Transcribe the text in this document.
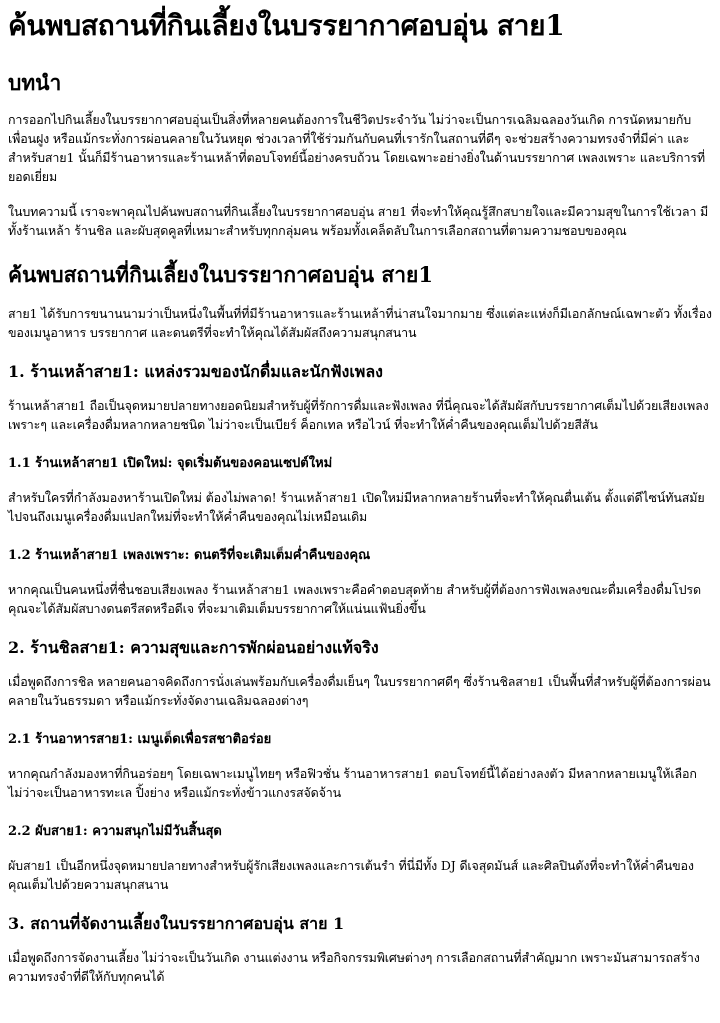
ค้นพบสถานที่กินเลี้ยงในบรรยากาศอบอุ่น สาย1
บทนำ

การออกไปกินเลี้ยงในบรรยากาศอบอุ่นเป็นสิ่งที่หลายคนต้องการในชีวิตประจำวัน ไม่ว่าจะเป็นการเฉลิมฉลองวันเกิด การนัดหมายกับเพื่อนฝูง หรือแม้กระทั่งการผ่อนคลายในวันหยุด ช่วงเวลาที่ใช้ร่วมกันกับคนที่เรารักในสถานที่ดีๆ จะช่วยสร้างความทรงจำที่มีค่า และสำหรับสาย1 นั้นก็มีร้านอาหารและร้านเหล้าที่ตอบโจทย์นี้อย่างครบถ้วน โดยเฉพาะอย่างยิ่งในด้านบรรยากาศ เพลงเพราะ และบริการที่ยอดเยี่ยม

ในบทความนี้ เราจะพาคุณไปค้นพบสถานที่กินเลี้ยงในบรรยากาศอบอุ่น สาย1 ที่จะทำให้คุณรู้สึกสบายใจและมีความสุขในการใช้เวลา มีทั้งร้านเหล้า ร้านชิล และผับสุดคูลที่เหมาะสำหรับทุกกลุ่มคน พร้อมทั้งเคล็ดลับในการเลือกสถานที่ตามความชอบของคุณ

ค้นพบสถานที่กินเลี้ยงในบรรยากาศอบอุ่น สาย1

สาย1 ได้รับการขนานนามว่าเป็นหนึ่งในพื้นที่ที่มีร้านอาหารและร้านเหล้าที่น่าสนใจมากมาย ซึ่งแต่ละแห่งก็มีเอกลักษณ์เฉพาะตัว ทั้งเรื่องของเมนูอาหาร บรรยากาศ และดนตรีที่จะทำให้คุณได้สัมผัสถึงความสนุกสนาน

1. ร้านเหล้าสาย1: แหล่งรวมของนักดื่มและนักฟังเพลง

ร้านเหล้าสาย1 ถือเป็นจุดหมายปลายทางยอดนิยมสำหรับผู้ที่รักการดื่มและฟังเพลง ที่นี่คุณจะได้สัมผัสกับบรรยากาศเต็มไปด้วยเสียงเพลงเพราะๆ และเครื่องดื่มหลากหลายชนิด ไม่ว่าจะเป็นเบียร์ ค็อกเทล หรือไวน์ ที่จะทำให้ค่ำคืนของคุณเต็มไปด้วยสีสัน

1.1 ร้านเหล้าสาย1 เปิดใหม่: จุดเริ่มต้นของคอนเซปต์ใหม่

สำหรับใครที่กำลังมองหาร้านเปิดใหม่ ต้องไม่พลาด! ร้านเหล้าสาย1 เปิดใหม่มีหลากหลายร้านที่จะทำให้คุณตื่นเต้น ตั้งแต่ดีไซน์ทันสมัย ไปจนถึงเมนูเครื่องดื่มแปลกใหม่ที่จะทำให้ค่ำคืนของคุณไม่เหมือนเดิม

1.2 ร้านเหล้าสาย1 เพลงเพราะ: ดนตรีที่จะเติมเต็มค่ำคืนของคุณ

หากคุณเป็นคนหนึ่งที่ชื่นชอบเสียงเพลง ร้านเหล้าสาย1 เพลงเพราะคือคำตอบสุดท้าย สำหรับผู้ที่ต้องการฟังเพลงขณะดื่มเครื่องดื่มโปรด คุณจะได้สัมผัสบางดนตรีสดหรือดีเจ ที่จะมาเติมเต็มบรรยากาศให้แน่นแฟ้นยิ่งขึ้น

2. ร้านชิลสาย1: ความสุขและการพักผ่อนอย่างแท้จริง

เมื่อพูดถึงการชิล หลายคนอาจคิดถึงการนั่งเล่นพร้อมกับเครื่องดื่มเย็นๆ ในบรรยากาศดีๆ ซึ่งร้านชิลสาย1 เป็นพื้นที่สำหรับผู้ที่ต้องการผ่อนคลายในวันธรรมดา หรือแม้กระทั่งจัดงานเฉลิมฉลองต่างๆ

2.1 ร้านอาหารสาย1: เมนูเด็ดเพื่อรสชาติอร่อย

หากคุณกำลังมองหาที่กินอร่อยๆ โดยเฉพาะเมนูไทยๆ หรือฟิวชั่น ร้านอาหารสาย1 ตอบโจทย์นี้ได้อย่างลงตัว มีหลากหลายเมนูให้เลือก ไม่ว่าจะเป็นอาหารทะเล ปิ้งย่าง หรือแม้กระทั่งข้าวแกงรสจัดจ้าน

2.2 ผับสาย1: ความสนุกไม่มีวันสิ้นสุด

ผับสาย1 เป็นอีกหนึ่งจุดหมายปลายทางสำหรับผู้รักเสียงเพลงและการเต้นรำ ที่นี่มีทั้ง DJ ดีเจสุดมันส์ และศิลปินดังที่จะทำให้ค่ำคืนของคุณเต็มไปด้วยความสนุกสนาน

3. สถานที่จัดงานเลี้ยงในบรรยากาศอบอุ่น สาย 1

เมื่อพูดถึงการจัดงานเลี้ยง ไม่ว่าจะเป็นวันเกิด งานแต่งงาน หรือกิจกรรมพิเศษต่างๆ การเลือกสถานที่สำคัญมาก เพราะมันสามารถสร้างความทรงจำที่ดีให้กับทุกคนได้
